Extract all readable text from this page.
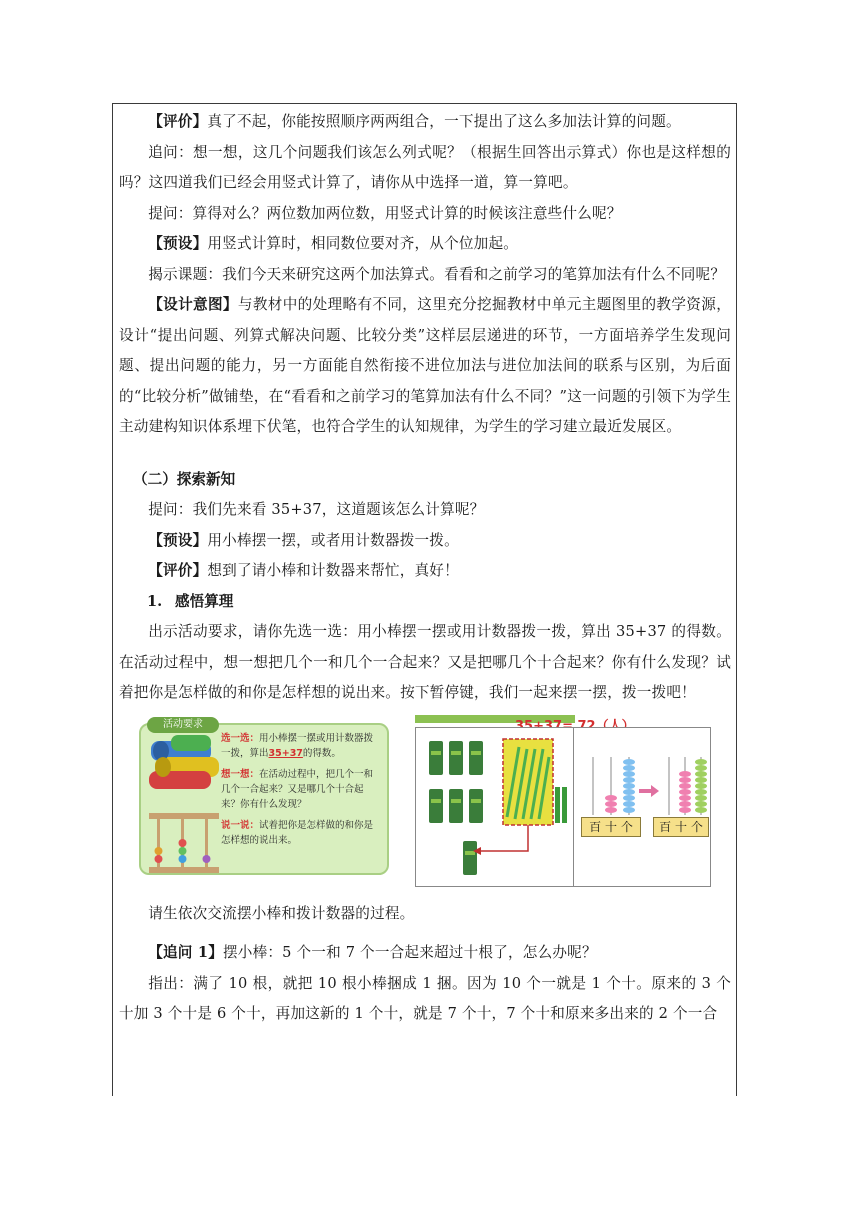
【评价】真了不起，你能按照顺序两两组合，一下提出了这么多加法计算的问题。

追问：想一想，这几个问题我们该怎么列式呢？（根据生回答出示算式）你也是这样想的吗？这四道我们已经会用竖式计算了，请你从中选择一道，算一算吧。

提问：算得对么？两位数加两位数，用竖式计算的时候该注意些什么呢？

【预设】用竖式计算时，相同数位要对齐，从个位加起。

揭示课题：我们今天来研究这两个加法算式。看看和之前学习的笔算加法有什么不同呢？

【设计意图】与教材中的处理略有不同，这里充分挖掘教材中单元主题图里的教学资源，设计“提出问题、列算式解决问题、比较分类”这样层层递进的环节，一方面培养学生发现问题、提出问题的能力，另一方面能自然衔接不进位加法与进位加法间的联系与区别，为后面的“比较分析”做铺垫，在“看看和之前学习的笔算加法有什么不同？”这一问题的引领下为学生主动建构知识体系埋下伏笔，也符合学生的认知规律，为学生的学习建立最近发展区。

（二）探索新知

提问：我们先来看 35+37，这道题该怎么计算呢？

【预设】用小棒摆一摆，或者用计数器拨一拨。

【评价】想到了请小棒和计数器来帮忙，真好！

1. 感悟算理

出示活动要求，请你先选一选：用小棒摆一摆或用计数器拨一拨，算出 35+37 的得数。在活动过程中，想一想把几个一和几个一合起来？又是把哪几个十合起来？你有什么发现？试着把你是怎样做的和你是怎样想的说出来。按下暂停键，我们一起来摆一摆，拨一拨吧！

活动要求

选一选：用小棒摆一摆或用计数器拨一拨，算出35+37的得数。

想一想：在活动过程中，把几个一和几个一合起来？又是哪几个十合起来？你有什么发现？

说一说：试着把你是怎样做的和你是怎样想的说出来。

百 十 个	百 十 个

请生依次交流摆小棒和拨计数器的过程。

【追问 1】摆小棒：5 个一和 7 个一合起来超过十根了，怎么办呢？

指出：满了 10 根，就把 10 根小棒捆成 1 捆。因为 10 个一就是 1 个十。原来的 3 个十加 3 个十是 6 个十，再加这新的 1 个十，就是 7 个十，7 个十和原来多出来的 2 个一合
